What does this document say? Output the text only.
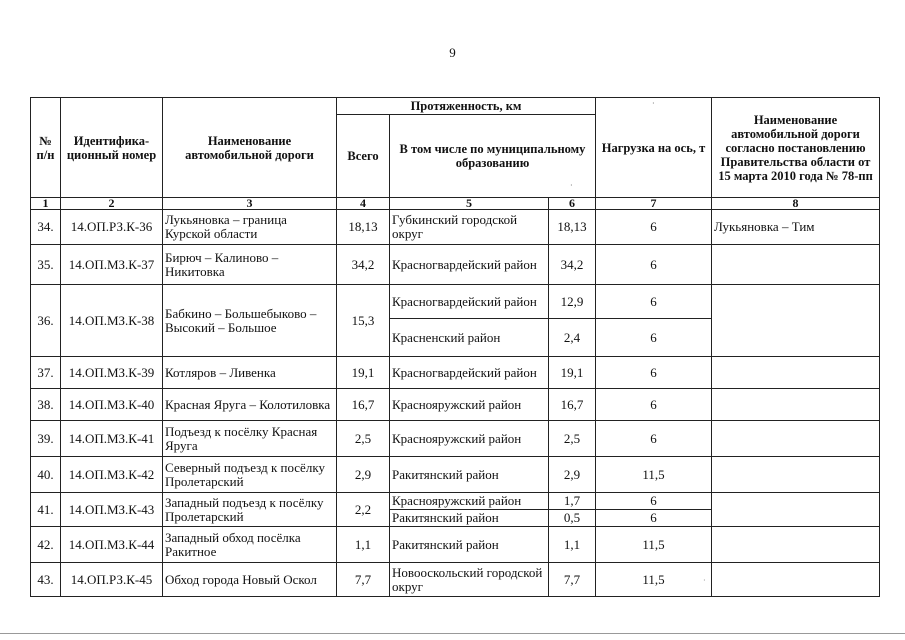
9
·
·
·
№ п/н	Идентифика-ционный номер	Наименование автомобильной дороги	Протяженность, км			Нагрузка на ось, т	Наименование автомобильной дороги согласно постановлению Правительства области от 15 марта 2010 года № 78-пп
			Всего	В том числе по муниципальному образованию			
1	2	3	4	5	6	7	8
34.	14.ОП.РЗ.К-36	Лукьяновка – граница Курской области	18,13	Губкинский городской округ	18,13	6	Лукьяновка – Тим
35.	14.ОП.МЗ.К-37	Бирюч – Калиново – Никитовка	34,2	Красногвардейский район	34,2	6	
36.	14.ОП.МЗ.К-38	Бабкино – Большебыково – Высокий – Большое	15,3	Красногвардейский район	12,9	6	
				Красненский район	2,4	6	
37.	14.ОП.МЗ.К-39	Котляров – Ливенка	19,1	Красногвардейский район	19,1	6	
38.	14.ОП.МЗ.К-40	Красная Яруга – Колотиловка	16,7	Краснояружский район	16,7	6	
39.	14.ОП.МЗ.К-41	Подъезд к посёлку Красная Яруга	2,5	Краснояружский район	2,5	6	
40.	14.ОП.МЗ.К-42	Северный подъезд к посёлку Пролетарский	2,9	Ракитянский район	2,9	11,5	
41.	14.ОП.МЗ.К-43	Западный подъезд к посёлку Пролетарский	2,2	Краснояружский район	1,7	6	
				Ракитянский район	0,5	6	
42.	14.ОП.МЗ.К-44	Западный обход посёлка Ракитное	1,1	Ракитянский район	1,1	11,5	
43.	14.ОП.РЗ.К-45	Обход города Новый Оскол	7,7	Новооскольский городской округ	7,7	11,5	
